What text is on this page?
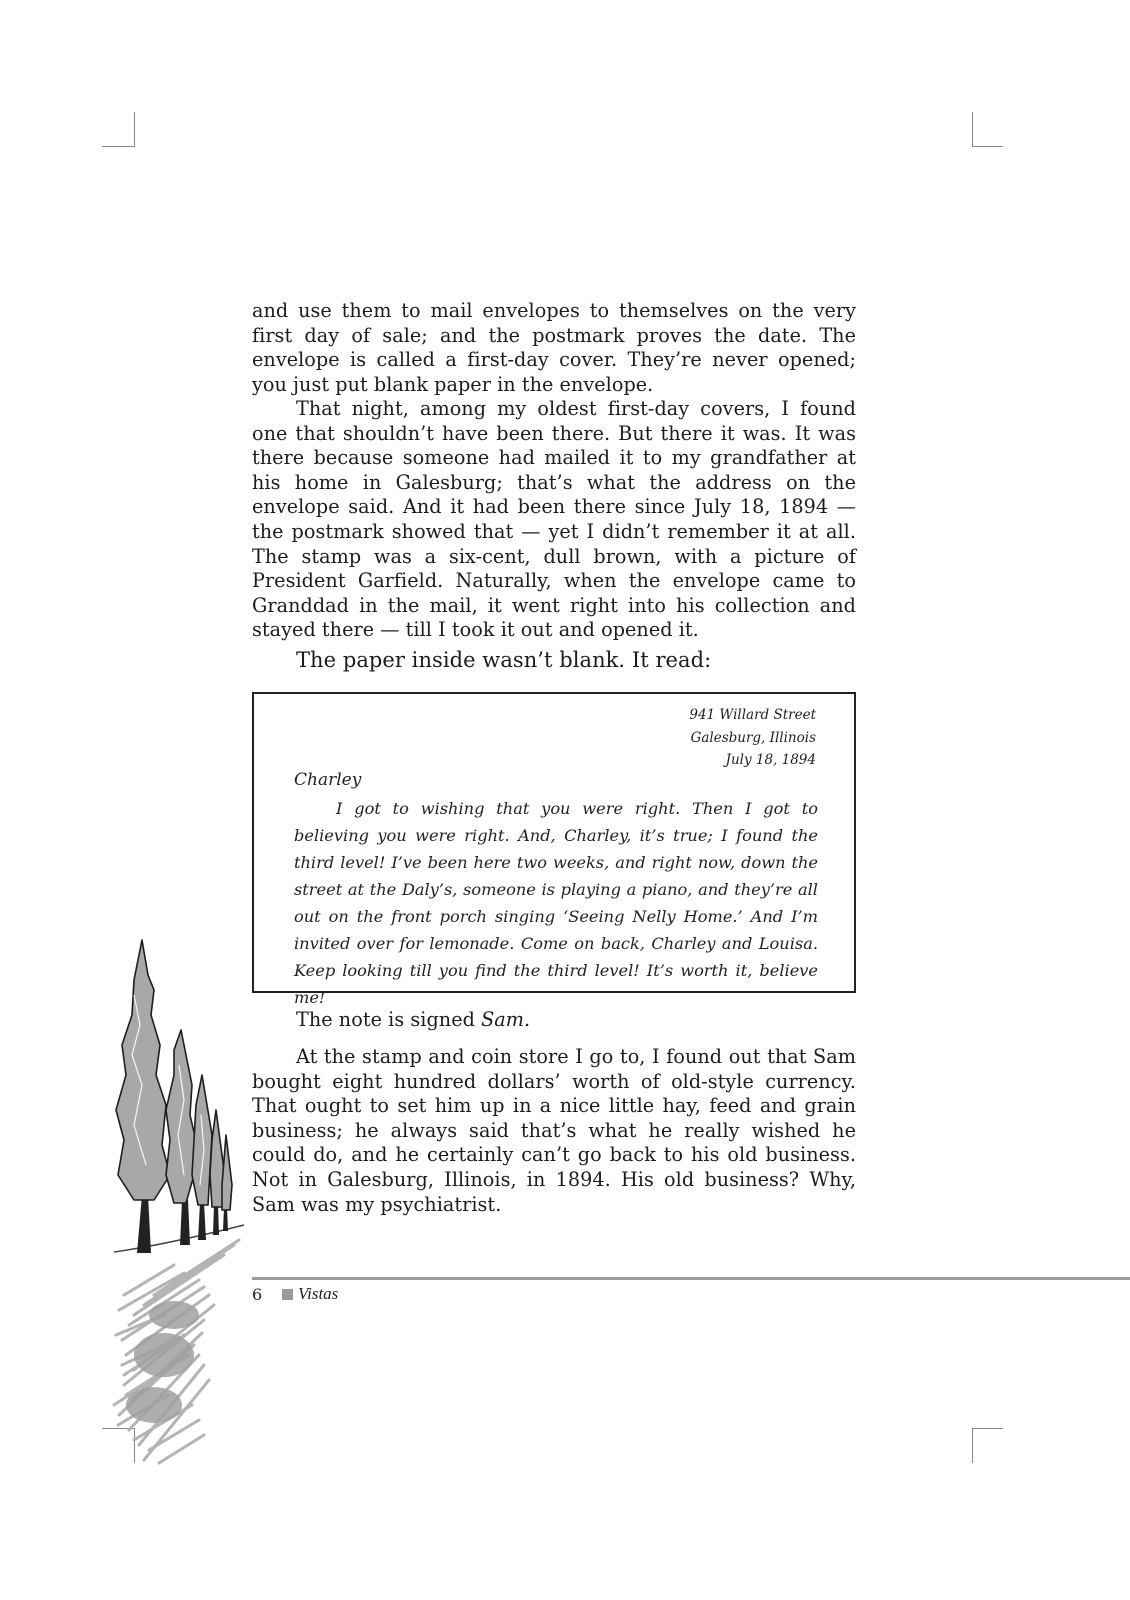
and use them to mail envelopes to themselves on the very first day of sale; and the postmark proves the date. The envelope is called a first-day cover. They’re never opened; you just put blank paper in the envelope.

That night, among my oldest first-day covers, I found one that shouldn’t have been there. But there it was. It was there because someone had mailed it to my grandfather at his home in Galesburg; that’s what the address on the envelope said. And it had been there since July 18, 1894 — the postmark showed that — yet I didn’t remember it at all. The stamp was a six-cent, dull brown, with a picture of President Garfield. Naturally, when the envelope came to Granddad in the mail, it went right into his collection and stayed there — till I took it out and opened it.

The paper inside wasn’t blank. It read:

941 Willard Street
Galesburg, Illinois
July 18, 1894
Charley

I got to wishing that you were right. Then I got to believing you were right. And, Charley, it’s true; I found the third level! I’ve been here two weeks, and right now, down the street at the Daly’s, someone is playing a piano, and they’re all out on the front porch singing ‘Seeing Nelly Home.’ And I’m invited over for lemonade. Come on back, Charley and Louisa. Keep looking till you find the third level! It’s worth it, believe me!

The note is signed Sam.

At the stamp and coin store I go to, I found out that Sam bought eight hundred dollars’ worth of old-style currency. That ought to set him up in a nice little hay, feed and grain business; he always said that’s what he really wished he could do, and he certainly can’t go back to his old business. Not in Galesburg, Illinois, in 1894. His old business? Why, Sam was my psychiatrist.

6	Vistas
